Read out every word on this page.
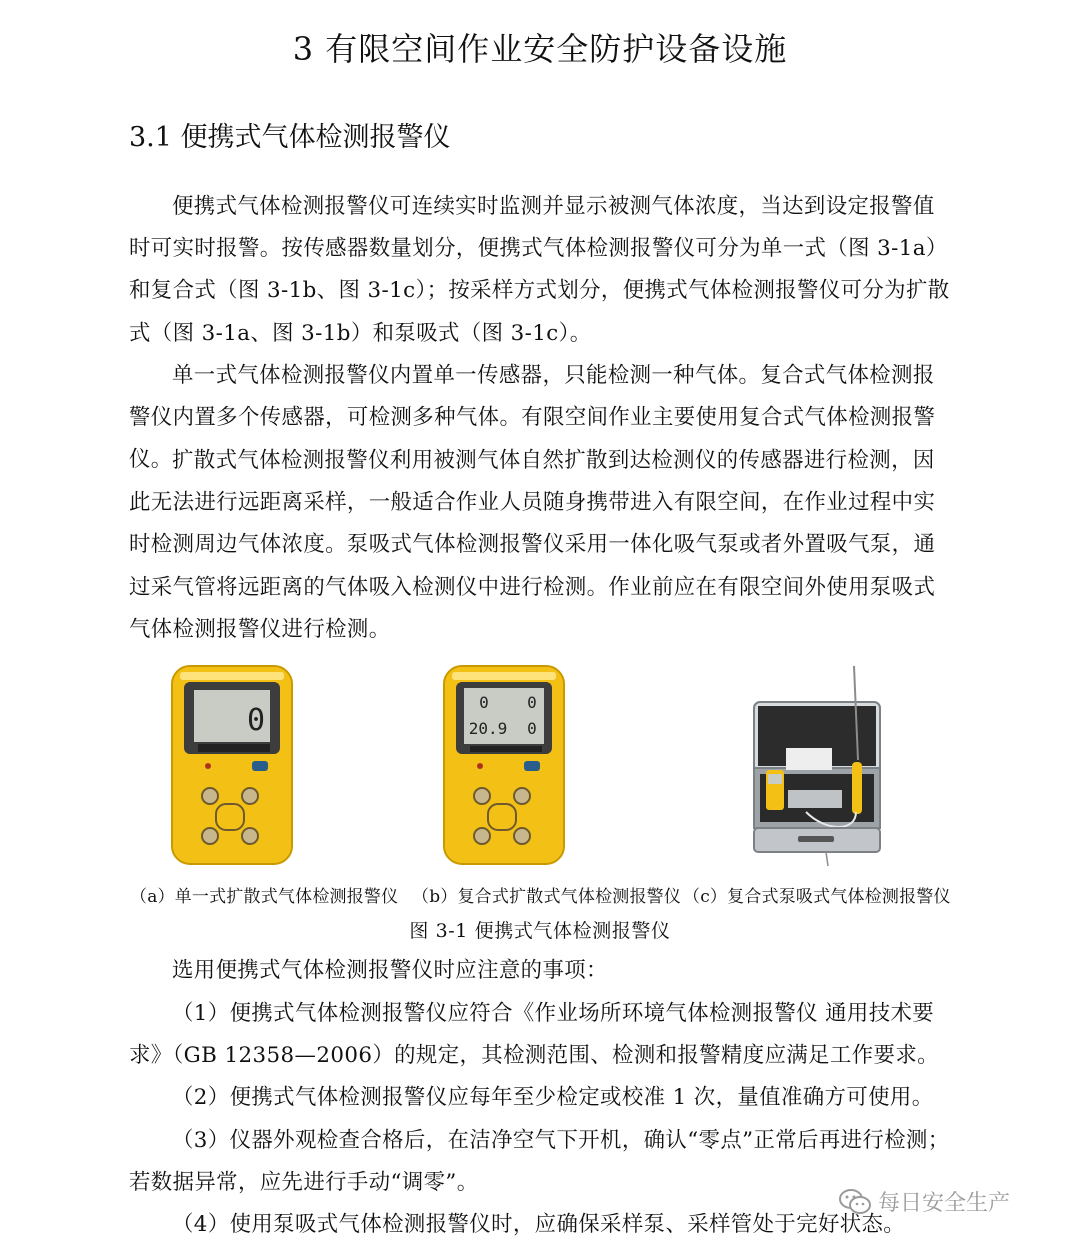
3 有限空间作业安全防护设备设施
3.1 便携式气体检测报警仪

便携式气体检测报警仪可连续实时监测并显示被测气体浓度，当达到设定报警值时可实时报警。按传感器数量划分，便携式气体检测报警仪可分为单一式（图 3-1a）和复合式（图 3-1b、图 3-1c）；按采样方式划分，便携式气体检测报警仪可分为扩散式（图 3-1a、图 3-1b）和泵吸式（图 3-1c）。

单一式气体检测报警仪内置单一传感器，只能检测一种气体。复合式气体检测报警仪内置多个传感器，可检测多种气体。有限空间作业主要使用复合式气体检测报警仪。 扩散式气体检测报警仪利用被测气体自然扩散到达检测仪的传感器进行检测，因此无法进行远距离采样，一般适合作业人员随身携带进入有限空间，在作业过程中实时检测周边气体浓度。泵吸式气体检测报警仪采用一体化吸气泵或者外置吸气泵，通过采气管将远距离的气体吸入检测仪中进行检测。作业前应在有限空间外使用泵吸式气体检测报警仪进行检测。

0
0 0
20.9 0
（a）单一式扩散式气体检测报警仪 （b）复合式扩散式气体检测报警仪 （c）复合式泵吸式气体检测报警仪
图 3-1 便携式气体检测报警仪

选用便携式气体检测报警仪时应注意的事项：

（1）便携式气体检测报警仪应符合《作业场所环境气体检测报警仪 通用技术要求》（GB 12358—2006）的规定，其检测范围、检测和报警精度应满足工作要求。

（2）便携式气体检测报警仪应每年至少检定或校准 1 次，量值准确方可使用。

（3）仪器外观检查合格后，在洁净空气下开机，确认“零点”正常后再进行检测；若数据异常，应先进行手动“调零”。

（4）使用泵吸式气体检测报警仪时，应确保采样泵、采样管处于完好状态。

每日安全生产
